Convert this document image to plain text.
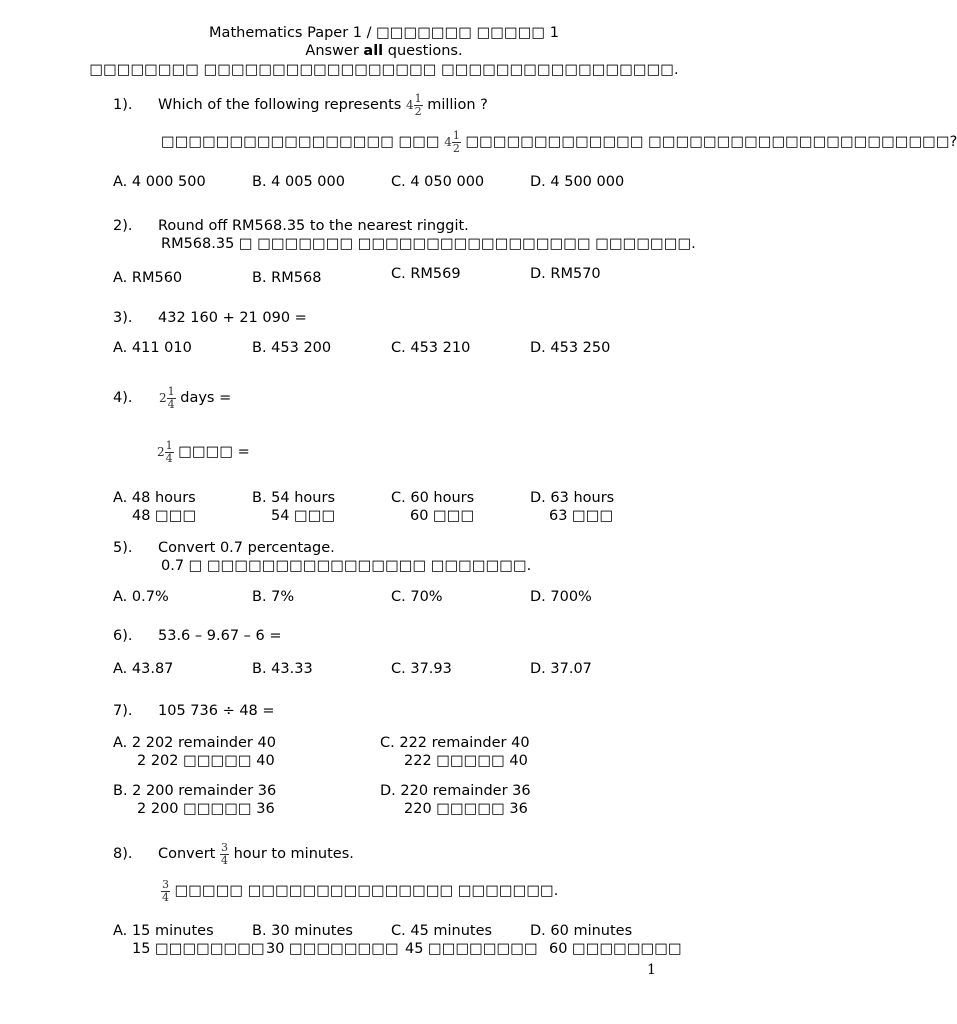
Mathematics Paper 1 / □□□□□□□ □□□□□ 1
Answer all questions.
□□□□□□□□ □□□□□□□□□□□□□□□□□ □□□□□□□□□□□□□□□□□.
1). Which of the following represents $4 \frac{1}{2}$ million ?
□□□□□□□□□□□□□□□□□ □□□ $4 \frac{1}{2}$ □□□□□□□□□□□□□ □□□□□□□□□□□□□□□□□□□□□□?
A. 4 000 500	B. 4 005 000	C. 4 050 000	D. 4 500 000
2). Round off RM568.35 to the nearest ringgit.
RM568.35 □ □□□□□□□ □□□□□□□□□□□□□□□□□ □□□□□□□.
A. RM560	B. RM568	C. RM569	D. RM570
3). 432 160 + 21 090 =
A. 411 010	B. 453 200	C. 453 210	D. 453 250
4). $2 \frac{1}{4}$ days =
$2 \frac{1}{4}$ □□□□ =
A. 48 hours	B. 54 hours	C. 60 hours	D. 63 hours
48 □□□	54 □□□	60 □□□	63 □□□
5). Convert 0.7 percentage.
0.7 □ □□□□□□□□□□□□□□□□ □□□□□□□.
A. 0.7%	B. 7%	C. 70%	D. 700%
6). 53.6 – 9.67 – 6 =
A. 43.87	B. 43.33	C. 37.93	D. 37.07
7). 105 736 ÷ 48 =
A. 2 202 remainder 40
2 202 □□□□□ 40
C. 222 remainder 40
222 □□□□□ 40
B. 2 200 remainder 36
2 200 □□□□□ 36
D. 220 remainder 36
220 □□□□□ 36
8). Convert $\frac{3}{4}$ hour to minutes.
$\frac{3}{4}$ □□□□□ □□□□□□□□□□□□□□□ □□□□□□□.
A. 15 minutes	B. 30 minutes	C. 45 minutes	D. 60 minutes
15 □□□□□□□□ 30 □□□□□□□□ 45 □□□□□□□□ 60 □□□□□□□□
1
